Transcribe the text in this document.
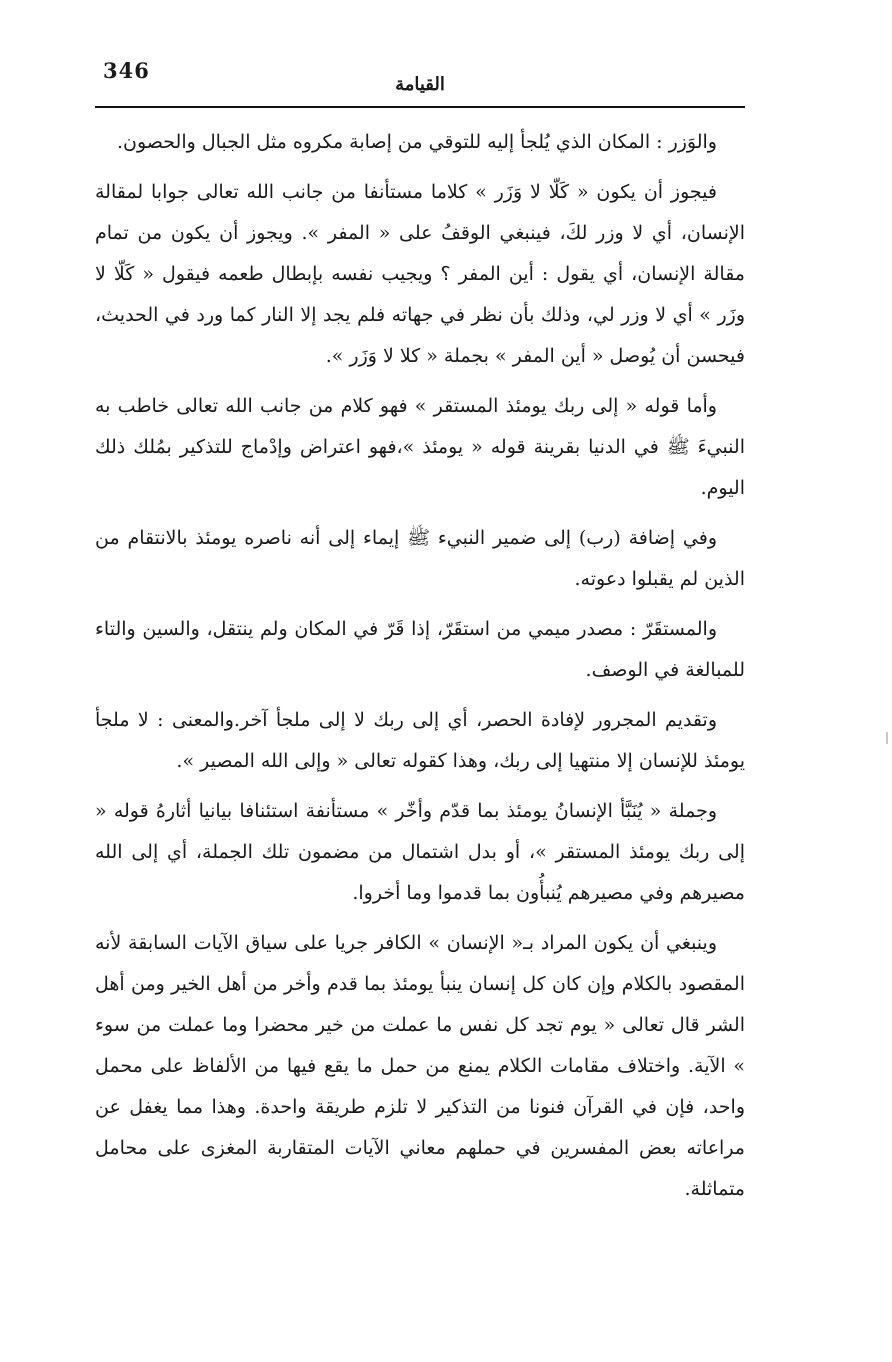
346
القيامة

والوَزر : المكان الذي يُلجأ إليه للتوقي من إصابة مكروه مثل الجبال والحصون.

فيجوز أن يكون « كَلّا لا وَزَر » كلاما مستأنفا من جانب الله تعالى جوابا لمقالة الإنسان، أي لا وزر لكَ، فينبغي الوقفُ على « المفر ». ويجوز أن يكون من تمام مقالة الإنسان، أي يقول : أين المفر ؟ ويجيب نفسه بإبطال طعمه فيقول « كَلّا لا وزَر » أي لا وزر لي، وذلك بأن نظر في جهاته فلم يجد إلا النار كما ورد في الحديث، فيحسن أن يُوصل « أين المفر » بجملة « كلا لا وَزَر ».

وأما قوله « إلى ربك يومئذ المستقر » فهو كلام من جانب الله تعالى خاطب به النبيءَ ﷺ في الدنيا بقرينة قوله « يومئذ »،فهو اعتراض وإدْماج للتذكير بمُلك ذلك اليوم.

وفي إضافة (رب) إلى ضمير النبيء ﷺ إيماء إلى أنه ناصره يومئذ بالانتقام من الذين لم يقبلوا دعوته.

والمستقَرّ : مصدر ميمي من استقَرّ، إذا قَرّ في المكان ولم ينتقل، والسين والتاء للمبالغة في الوصف.

وتقديم المجرور لإفادة الحصر، أي إلى ربك لا إلى ملجأ آخر.والمعنى : لا ملجأ يومئذ للإنسان إلا منتهيا إلى ربك، وهذا كقوله تعالى « وإلى الله المصير ».

وجملة « يُنَبَّأ الإنسانُ يومئذ بما قدّم وأخّر » مستأنفة استئنافا بيانيا أثارهُ قوله « إلى ربك يومئذ المستقر »، أو بدل اشتمال من مضمون تلك الجملة، أي إلى الله مصيرهم وفي مصيرهم يُنبأُون بما قدموا وما أخروا.

وينبغي أن يكون المراد بـ« الإنسان » الكافر جريا على سياق الآيات السابقة لأنه المقصود بالكلام وإن كان كل إنسان ينبأ يومئذ بما قدم وأخر من أهل الخير ومن أهل الشر قال تعالى « يوم تجد كل نفس ما عملت من خير محضرا وما عملت من سوء » الآية. واختلاف مقامات الكلام يمنع من حمل ما يقع فيها من الألفاظ على محمل واحد، فإن في القرآن فنونا من التذكير لا تلزم طريقة واحدة. وهذا مما يغفل عن مراعاته بعض المفسرين في حملهم معاني الآيات المتقاربة المغزى على محامل متماثلة.
